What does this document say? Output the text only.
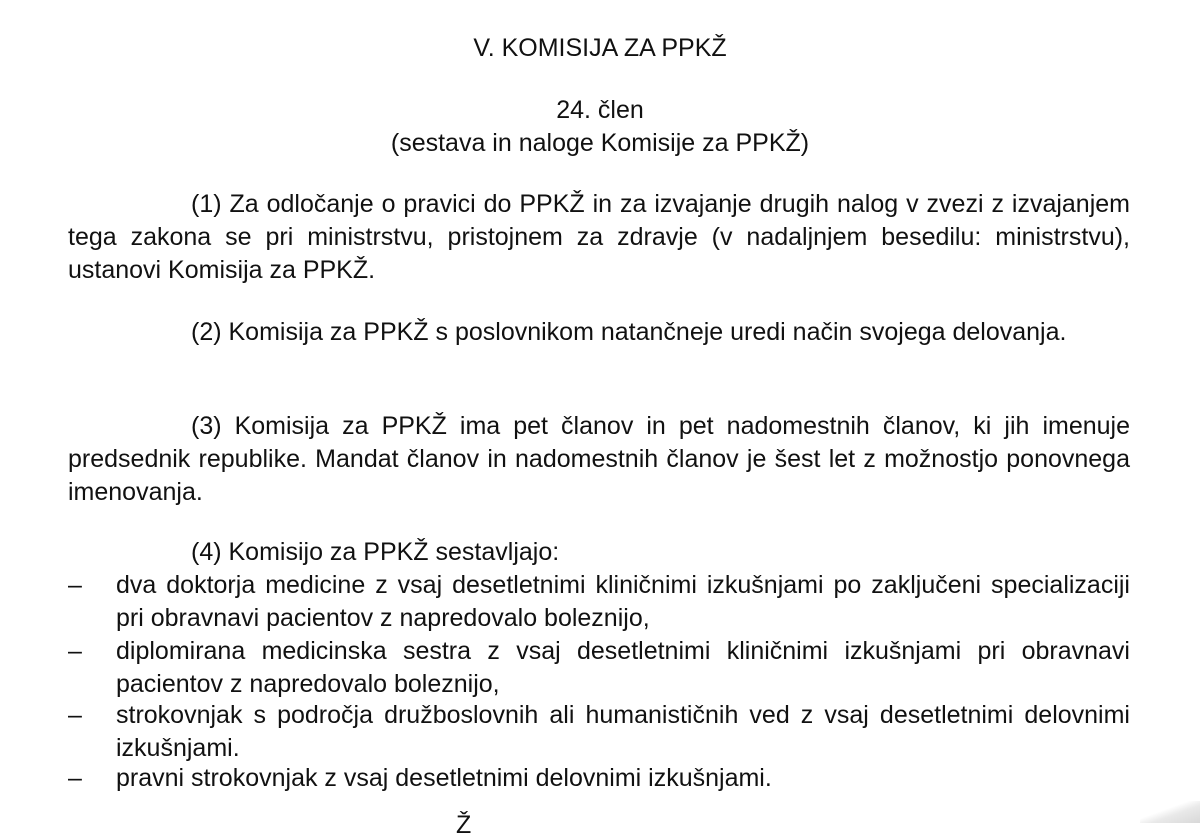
V. KOMISIJA ZA PPKŽ
24. člen
(sestava in naloge Komisije za PPKŽ)
(1) Za odločanje o pravici do PPKŽ in za izvajanje drugih nalog v zvezi z izvajanjem tega zakona se pri ministrstvu, pristojnem za zdravje (v nadaljnjem besedilu: ministrstvu), ustanovi Komisija za PPKŽ.
(2) Komisija za PPKŽ s poslovnikom natančneje uredi način svojega delovanja.
(3) Komisija za PPKŽ ima pet članov in pet nadomestnih članov, ki jih imenuje predsednik republike. Mandat članov in nadomestnih članov je šest let z možnostjo ponovnega imenovanja.
(4) Komisijo za PPKŽ sestavljajo:
– dva doktorja medicine z vsaj desetletnimi kliničnimi izkušnjami po zaključeni specializaciji pri obravnavi pacientov z napredovalo boleznijo,
– diplomirana medicinska sestra z vsaj desetletnimi kliničnimi izkušnjami pri obravnavi pacientov z napredovalo boleznijo,
– strokovnjak s področja družboslovnih ali humanističnih ved z vsaj desetletnimi delovnimi izkušnjami.
– pravni strokovnjak z vsaj desetletnimi delovnimi izkušnjami.
Ž
